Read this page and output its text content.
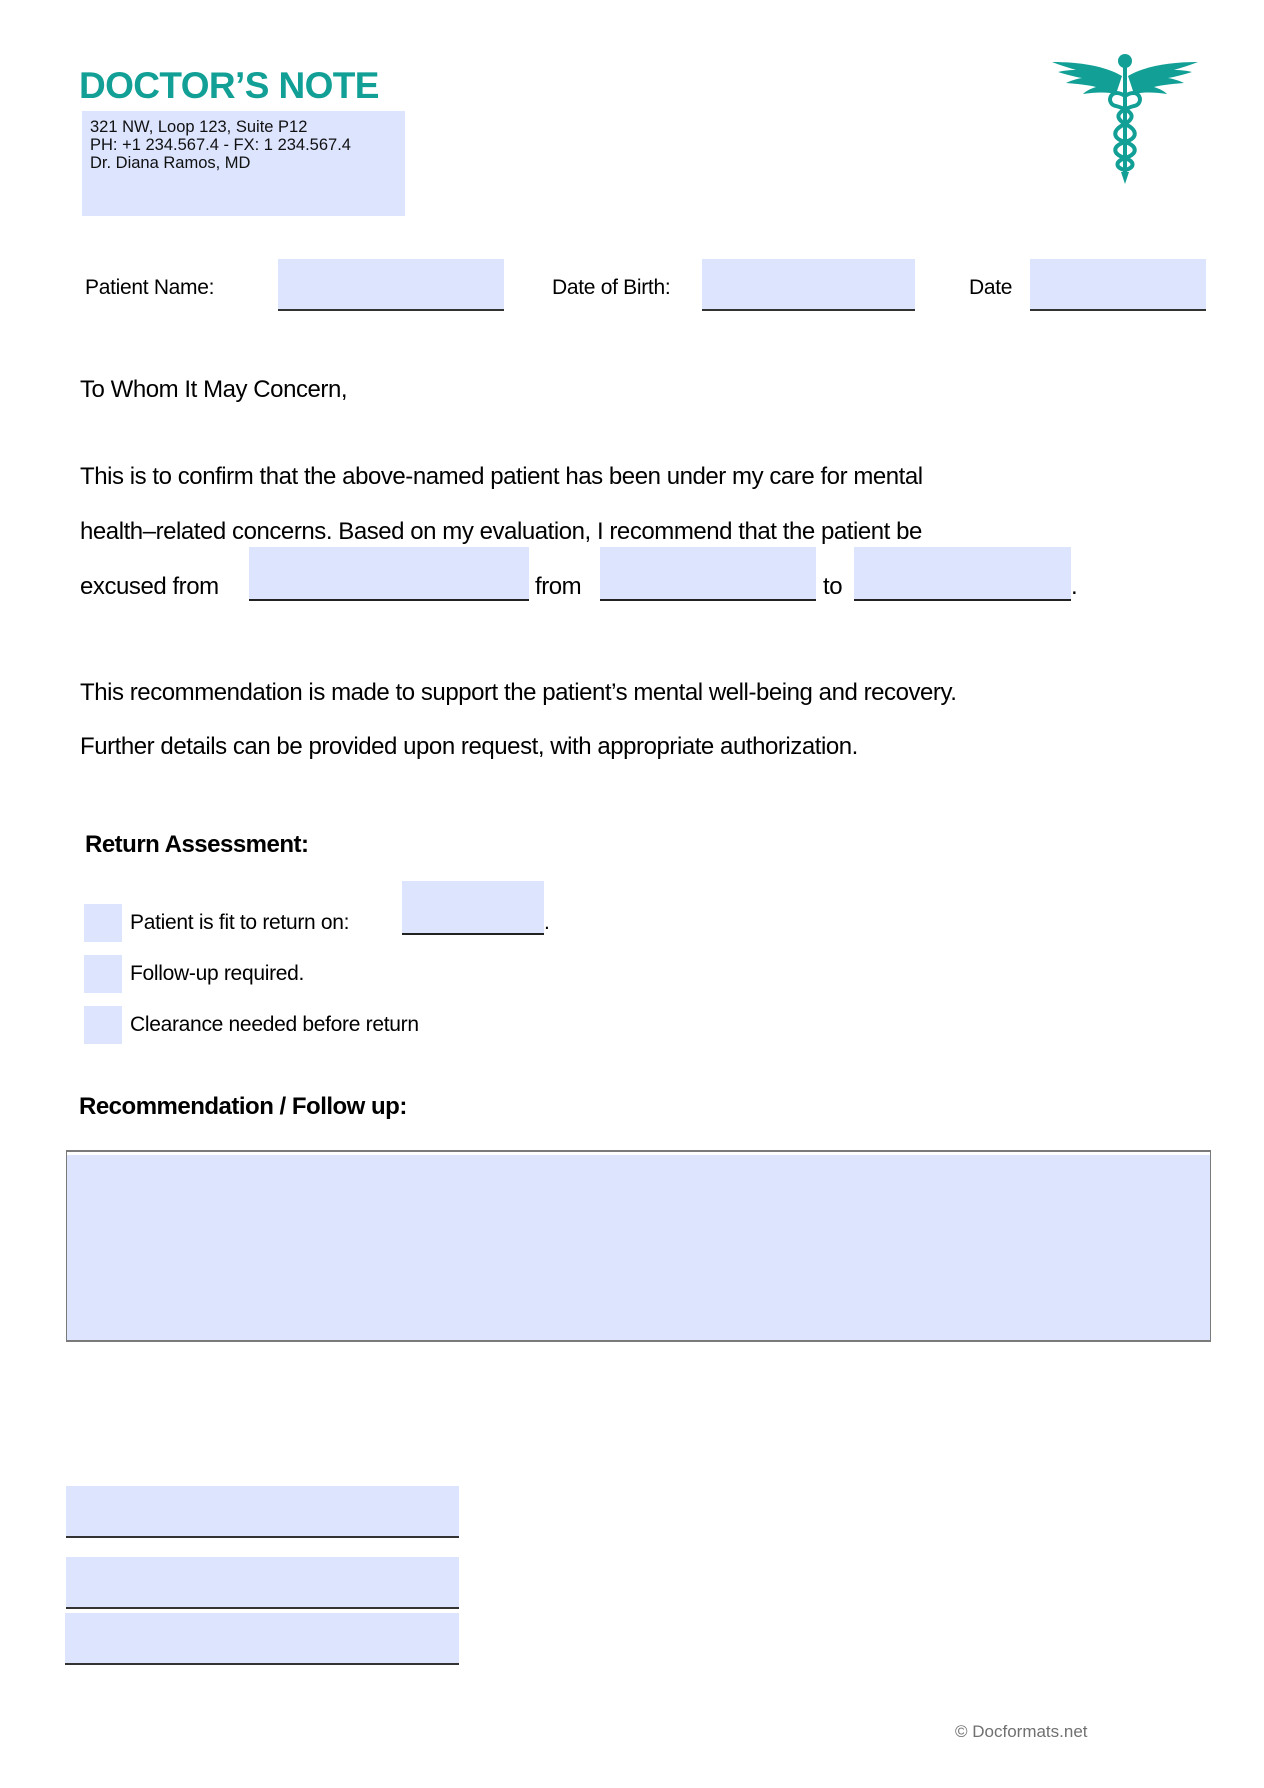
DOCTOR’S NOTE
321 NW, Loop 123, Suite P12
PH: +1 234.567.4 - FX: 1 234.567.4
Dr. Diana Ramos, MD
Patient Name:	Date of Birth:	Date
To Whom It May Concern,
This is to confirm that the above-named patient has been under my care for mental
health–related concerns. Based on my evaluation, I recommend that the patient be
excused from	from	to	.
This recommendation is made to support the patient’s mental well-being and recovery.
Further details can be provided upon request, with appropriate authorization.
Return Assessment:
Patient is fit to return on:	.
Follow-up required.
Clearance needed before return
Recommendation / Follow up:
© Docformats.net
